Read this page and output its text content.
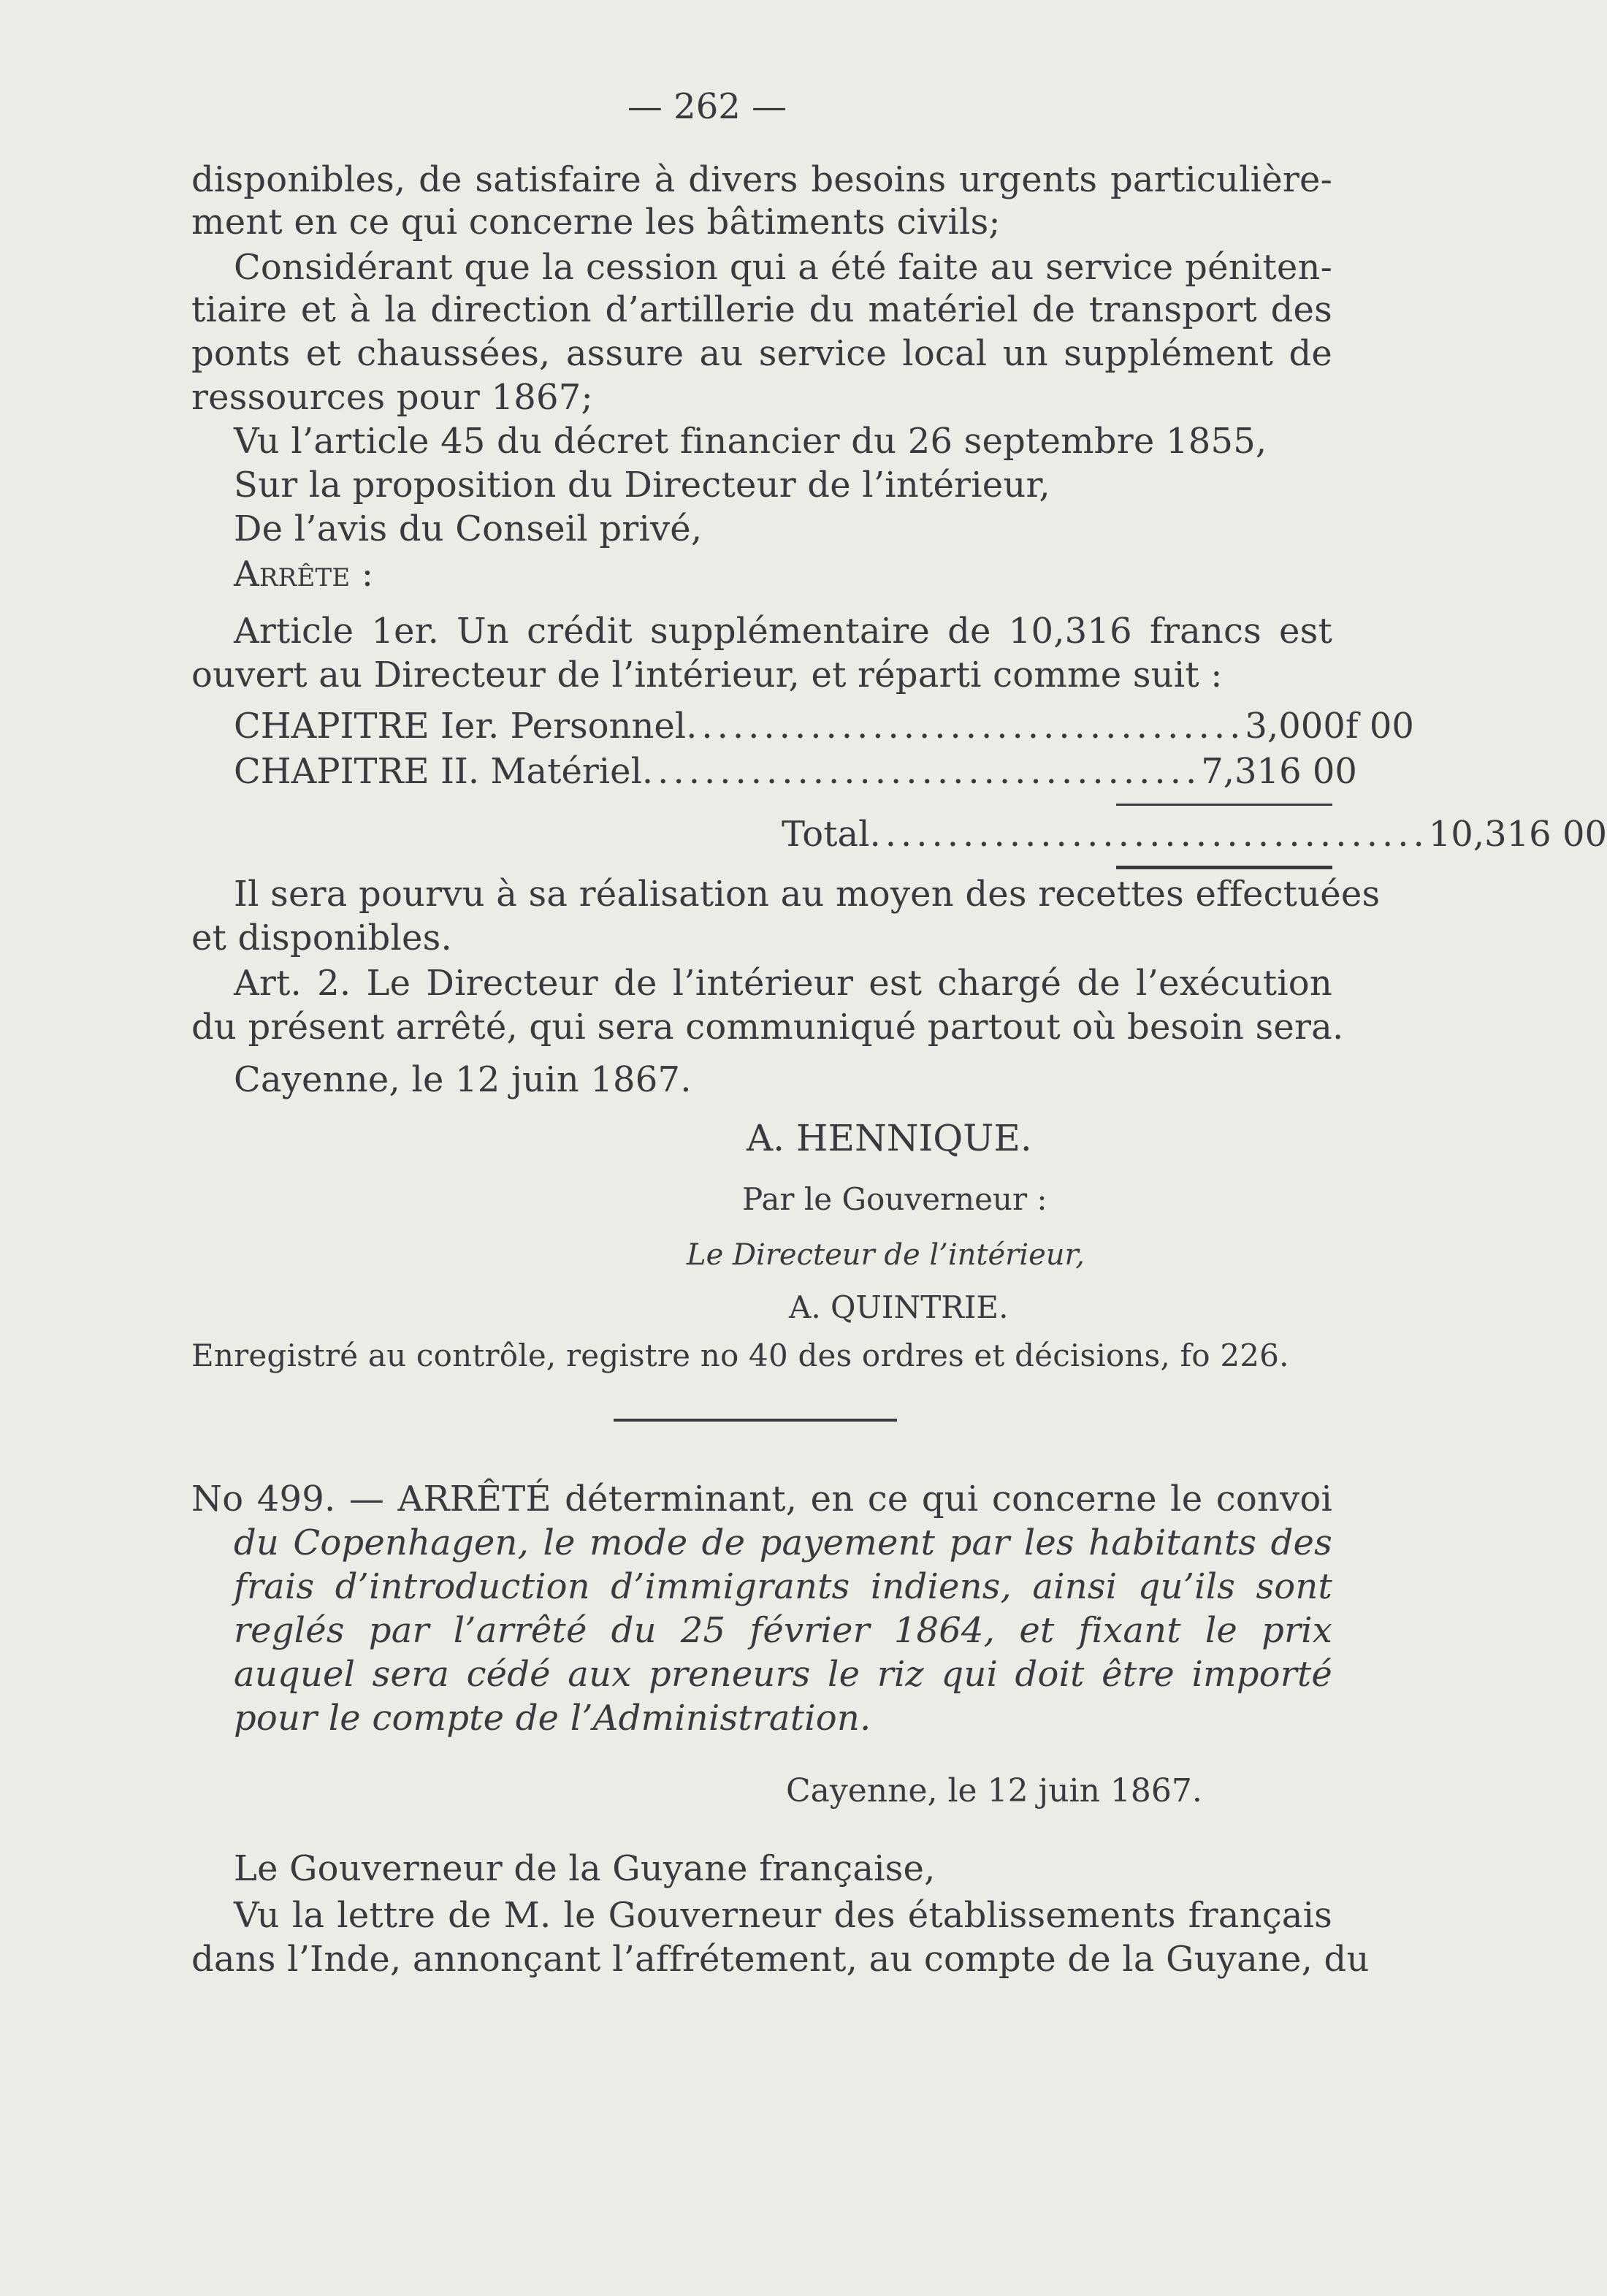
— 262 —
disponibles, de satisfaire à divers besoins urgents particulière-
ment en ce qui concerne les bâtiments civils;
Considérant que la cession qui a été faite au service péniten-
tiaire et à la direction d’artillerie du matériel de transport des
ponts et chaussées, assure au service local un supplément de
ressources pour 1867;
Vu l’article 45 du décret financier du 26 septembre 1855,
Sur la proposition du Directeur de l’intérieur,
De l’avis du Conseil privé,
Arrête :
Article 1er. Un crédit supplémentaire de 10,316 francs est
ouvert au Directeur de l’intérieur, et réparti comme suit :
CHAPITRE Ier. Personnel .................................... 3,000f 00
CHAPITRE II. Matériel .................................... 7,316 00
Total .................................... 10,316 00
Il sera pourvu à sa réalisation au moyen des recettes effectuées
et disponibles.
Art. 2. Le Directeur de l’intérieur est chargé de l’exécution
du présent arrêté, qui sera communiqué partout où besoin sera.
Cayenne, le 12 juin 1867.
A. HENNIQUE.
Par le Gouverneur :
Le Directeur de l’intérieur,
A. QUINTRIE.
Enregistré au contrôle, registre no 40 des ordres et décisions, fo 226.
No 499. — ARRÊTÉ déterminant, en ce qui concerne le convoi
du Copenhagen, le mode de payement par les habitants des
frais d’introduction d’immigrants indiens, ainsi qu’ils sont
reglés par l’arrêté du 25 février 1864, et fixant le prix
auquel sera cédé aux preneurs le riz qui doit être importé
pour le compte de l’Administration.
Cayenne, le 12 juin 1867.
Le Gouverneur de la Guyane française,
Vu la lettre de M. le Gouverneur des établissements français
dans l’Inde, annonçant l’affrétement, au compte de la Guyane, du
